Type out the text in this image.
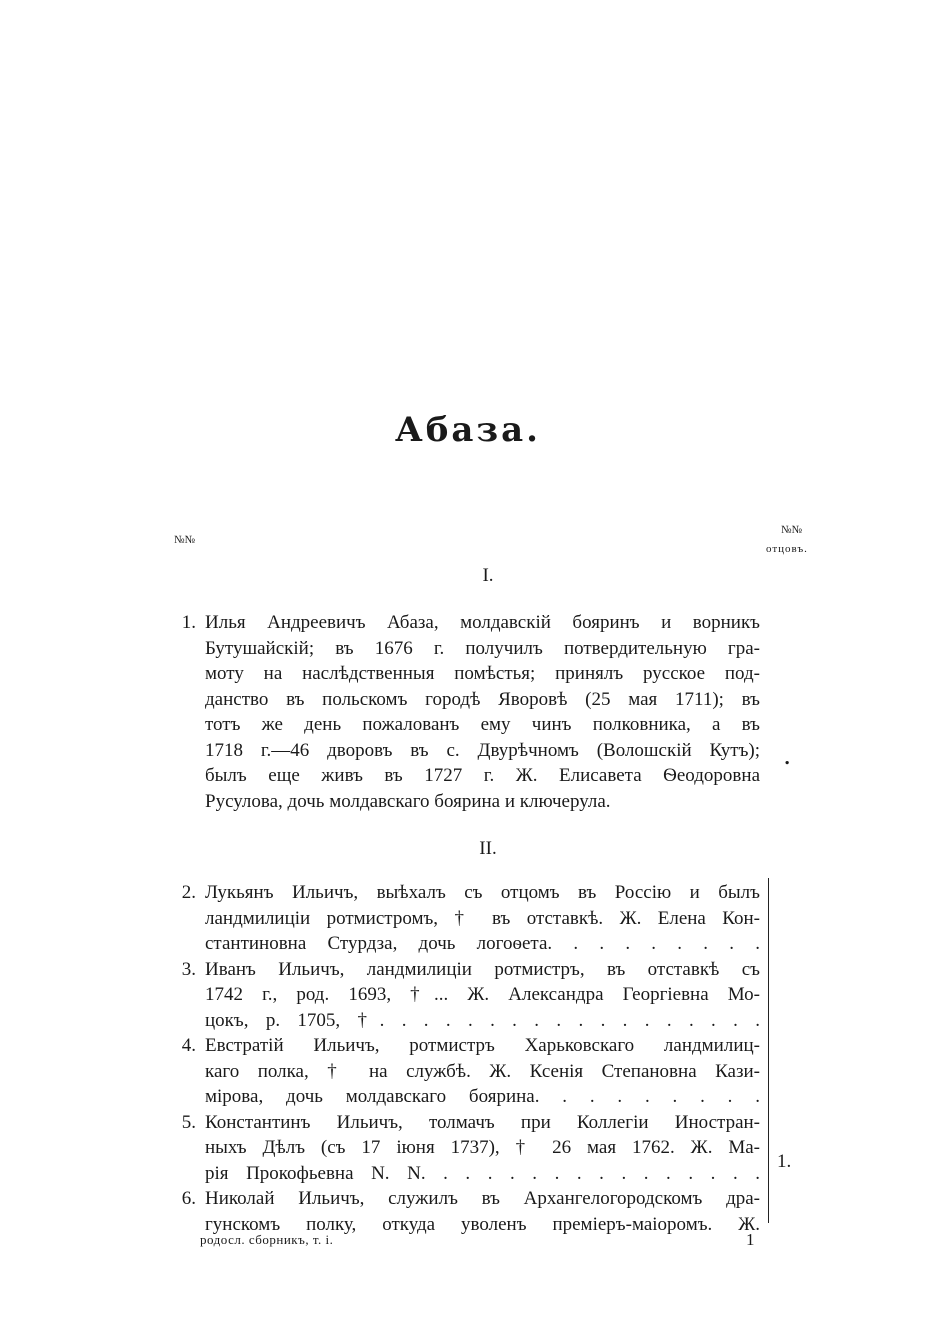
Абаза.
№№
№№
отцовъ.
I.
1. Илья Андреевичъ Абаза, молдавскій бояринъ и ворникъ
Бутушайскій; въ 1676 г. получилъ потвердительную гра-
моту на наслѣдственныя помѣстья; принялъ русское под-
данство въ польскомъ городѣ Яворовѣ (25 мая 1711); въ
тотъ же день пожалованъ ему чинъ полковника, а въ
1718 г.—46 дворовъ въ с. Двурѣчномъ (Волошскій Кутъ);
былъ еще живъ въ 1727 г. Ж. Елисавета Ѳеодоровна
Русулова, дочь молдавскаго боярина и ключерула.
.
II.
2. Лукьянъ Ильичъ, выѣхалъ съ отцомъ въ Россію и былъ
ландмилиціи ротмистромъ, † въ отставкѣ. Ж. Елена Кон-
стантиновна Стурдза, дочь логоѳета. . . . . . . . .
3. Иванъ Ильичъ, ландмилиціи ротмистръ, въ отставкѣ съ
1742 г., род. 1693, †... Ж. Александра Георгіевна Мо-
цокъ, р. 1705, †. . . . . . . . . . . . . . . . . .
4. Евстратій Ильичъ, ротмистръ Харьковскаго ландмилиц-
каго полка, † на службѣ. Ж. Ксенія Степановна Кази-
мірова, дочь молдавскаго боярина. . . . . . . . .
5. Константинъ Ильичъ, толмачъ при Коллегіи Иностран-
ныхъ Дѣлъ (съ 17 іюня 1737), † 26 мая 1762. Ж. Ма-
рія Прокофьевна N. N. . . . . . . . . . . . . . . .
6. Николай Ильичъ, служилъ въ Архангелогородскомъ дра-
гунскомъ полку, откуда уволенъ преміеръ-маіоромъ. Ж.
1.
родосл. сборникъ, т. i.	1
